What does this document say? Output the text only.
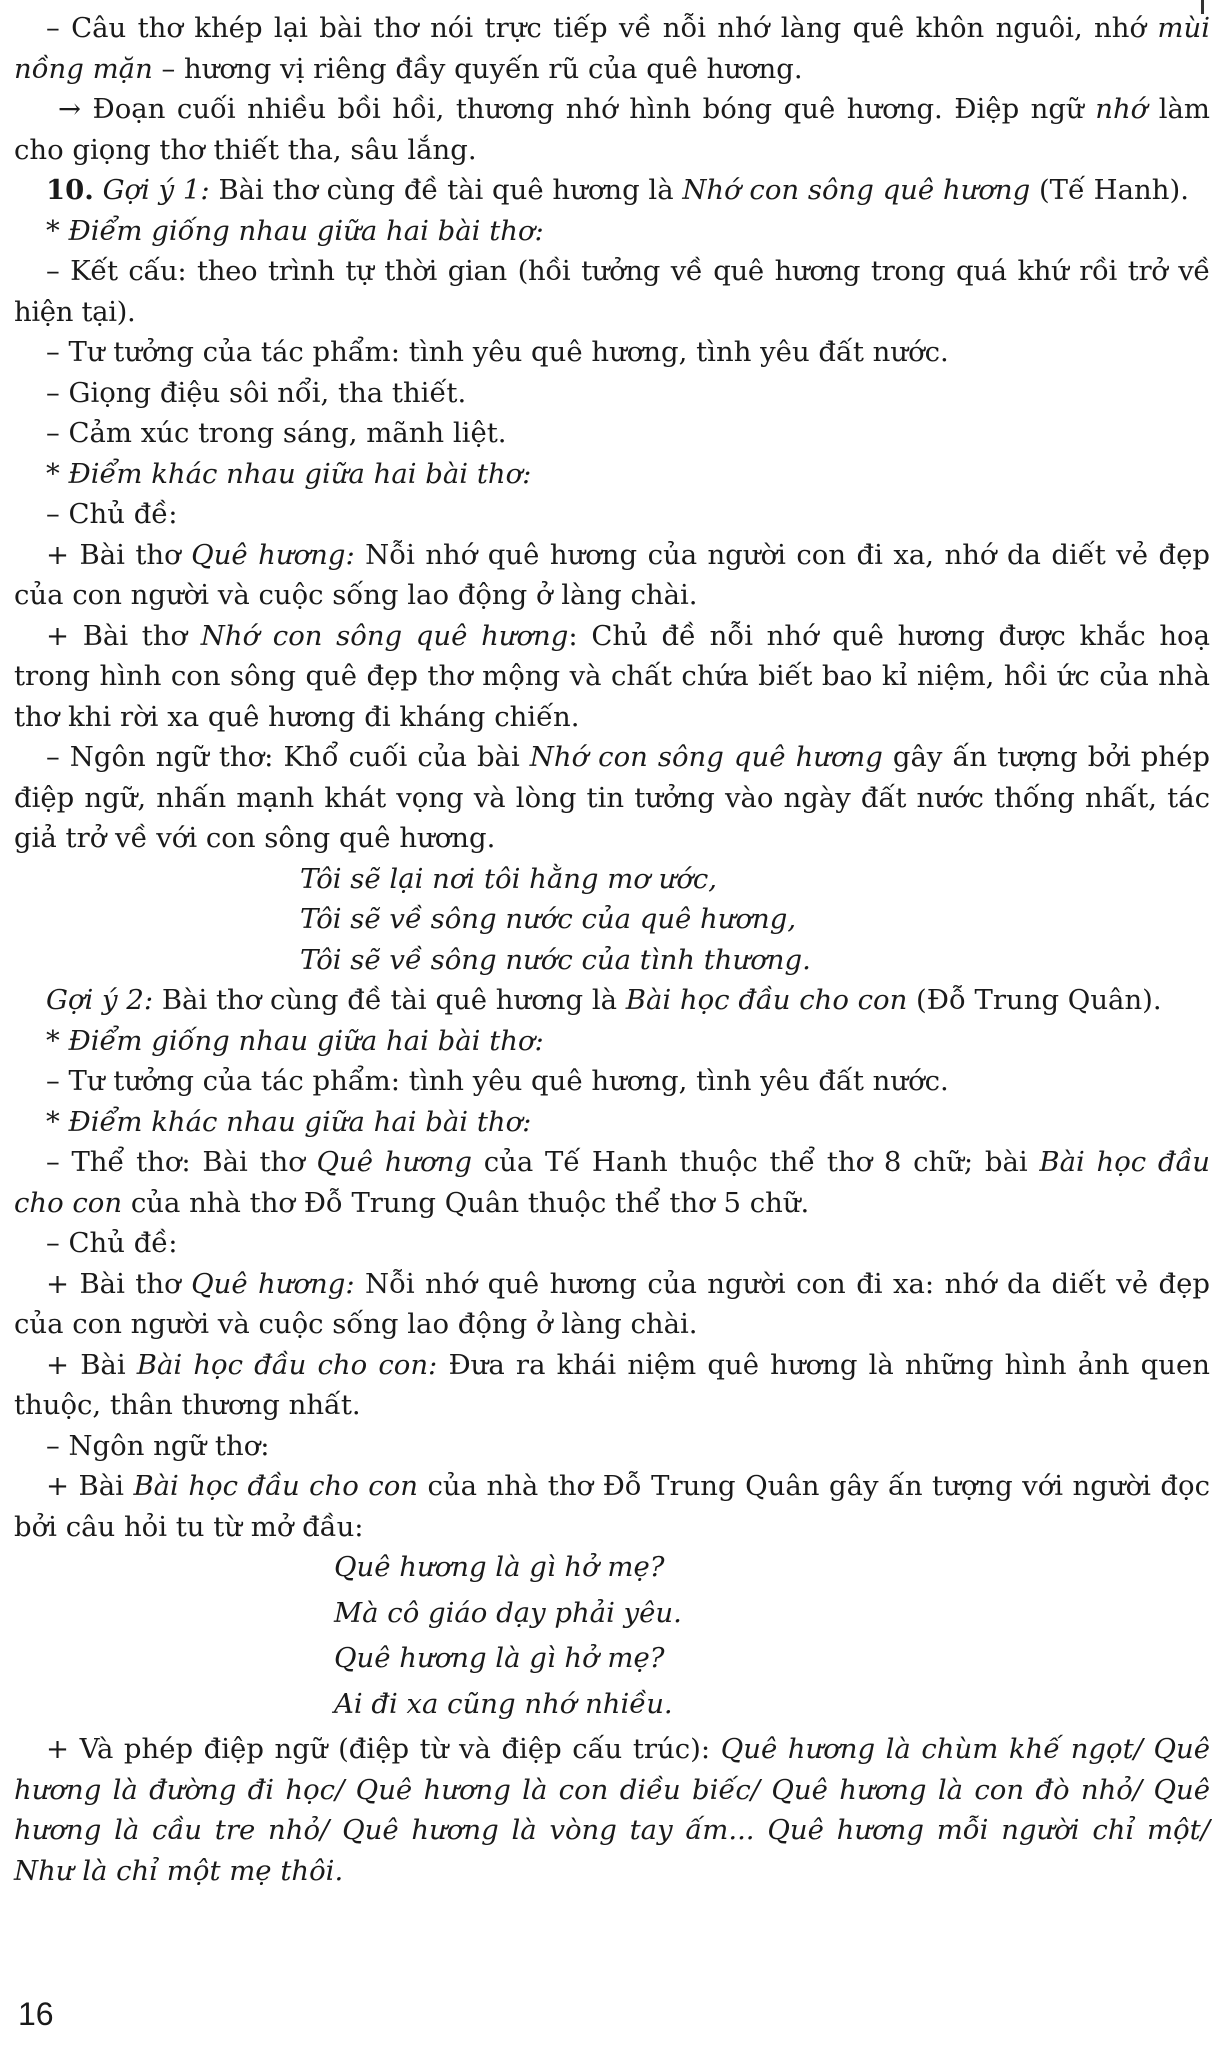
– Câu thơ khép lại bài thơ nói trực tiếp về nỗi nhớ làng quê khôn nguôi, nhớ mùi nồng mặn – hương vị riêng đầy quyến rũ của quê hương.

→ Đoạn cuối nhiều bồi hồi, thương nhớ hình bóng quê hương. Điệp ngữ nhớ làm cho giọng thơ thiết tha, sâu lắng.

10. Gợi ý 1: Bài thơ cùng đề tài quê hương là Nhớ con sông quê hương (Tế Hanh).

* Điểm giống nhau giữa hai bài thơ:

– Kết cấu: theo trình tự thời gian (hồi tưởng về quê hương trong quá khứ rồi trở về hiện tại).

– Tư tưởng của tác phẩm: tình yêu quê hương, tình yêu đất nước.

– Giọng điệu sôi nổi, tha thiết.

– Cảm xúc trong sáng, mãnh liệt.

* Điểm khác nhau giữa hai bài thơ:

– Chủ đề:

+ Bài thơ Quê hương: Nỗi nhớ quê hương của người con đi xa, nhớ da diết vẻ đẹp của con người và cuộc sống lao động ở làng chài.

+ Bài thơ Nhớ con sông quê hương: Chủ đề nỗi nhớ quê hương được khắc hoạ trong hình con sông quê đẹp thơ mộng và chất chứa biết bao kỉ niệm, hồi ức của nhà thơ khi rời xa quê hương đi kháng chiến.

– Ngôn ngữ thơ: Khổ cuối của bài Nhớ con sông quê hương gây ấn tượng bởi phép điệp ngữ, nhấn mạnh khát vọng và lòng tin tưởng vào ngày đất nước thống nhất, tác giả trở về với con sông quê hương.

Tôi sẽ lại nơi tôi hằng mơ ước,
Tôi sẽ về sông nước của quê hương,
Tôi sẽ về sông nước của tình thương.

Gợi ý 2: Bài thơ cùng đề tài quê hương là Bài học đầu cho con (Đỗ Trung Quân).

* Điểm giống nhau giữa hai bài thơ:

– Tư tưởng của tác phẩm: tình yêu quê hương, tình yêu đất nước.

* Điểm khác nhau giữa hai bài thơ:

– Thể thơ: Bài thơ Quê hương của Tế Hanh thuộc thể thơ 8 chữ; bài Bài học đầu cho con của nhà thơ Đỗ Trung Quân thuộc thể thơ 5 chữ.

– Chủ đề:

+ Bài thơ Quê hương: Nỗi nhớ quê hương của người con đi xa: nhớ da diết vẻ đẹp của con người và cuộc sống lao động ở làng chài.

+ Bài Bài học đầu cho con: Đưa ra khái niệm quê hương là những hình ảnh quen thuộc, thân thương nhất.

– Ngôn ngữ thơ:

+ Bài Bài học đầu cho con của nhà thơ Đỗ Trung Quân gây ấn tượng với người đọc bởi câu hỏi tu từ mở đầu:

Quê hương là gì hở mẹ?
Mà cô giáo dạy phải yêu.
Quê hương là gì hở mẹ?
Ai đi xa cũng nhớ nhiều.

+ Và phép điệp ngữ (điệp từ và điệp cấu trúc): Quê hương là chùm khế ngọt/ Quê hương là đường đi học/ Quê hương là con diều biếc/ Quê hương là con đò nhỏ/ Quê hương là cầu tre nhỏ/ Quê hương là vòng tay ấm... Quê hương mỗi người chỉ một/ Như là chỉ một mẹ thôi.

16
